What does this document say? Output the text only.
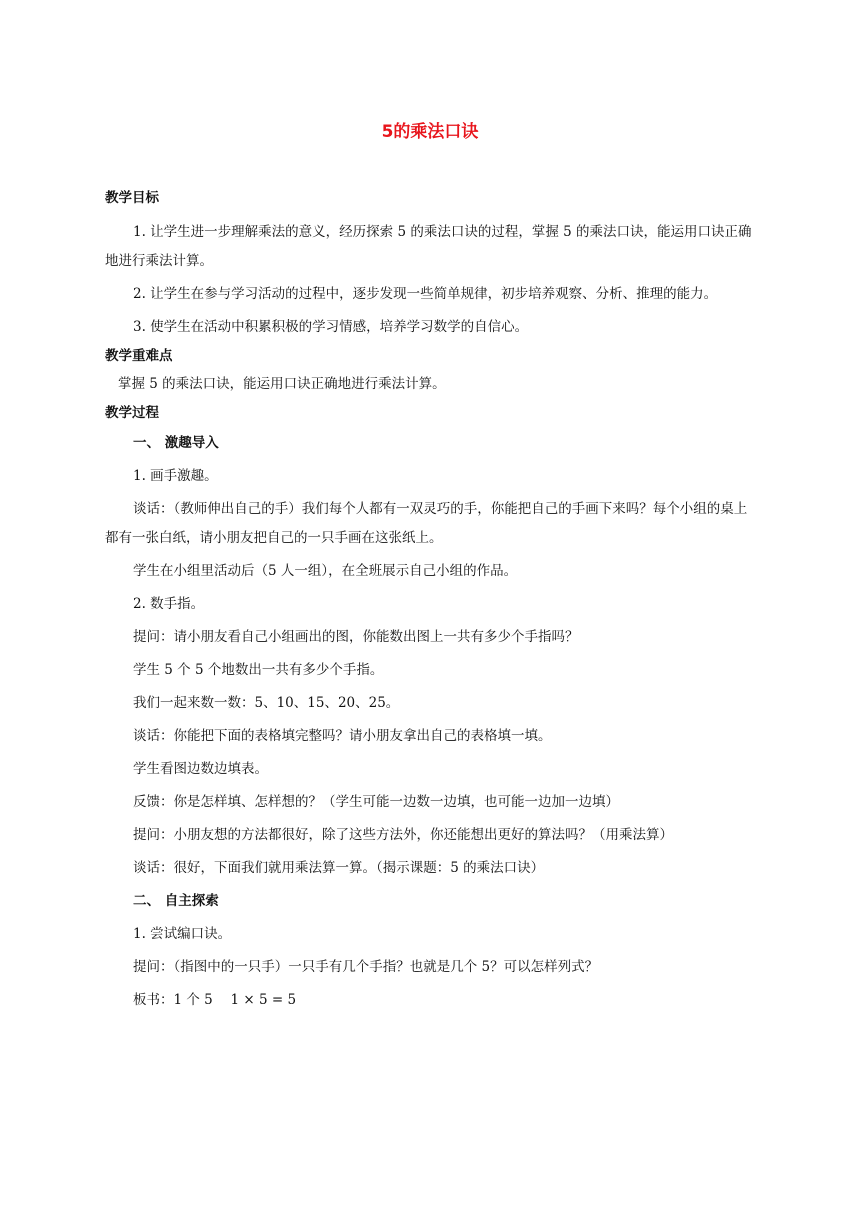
5的乘法口诀
教学目标

1. 让学生进一步理解乘法的意义，经历探索 5 的乘法口诀的过程，掌握 5 的乘法口诀，能运用口诀正确地进行乘法计算。

2. 让学生在参与学习活动的过程中，逐步发现一些简单规律，初步培养观察、分析、推理的能力。

3. 使学生在活动中积累积极的学习情感，培养学习数学的自信心。

教学重难点

掌握 5 的乘法口诀，能运用口诀正确地进行乘法计算。

教学过程

一、 激趣导入

1. 画手激趣。

谈话：（教师伸出自己的手）我们每个人都有一双灵巧的手，你能把自己的手画下来吗？每个小组的桌上都有一张白纸，请小朋友把自己的一只手画在这张纸上。

学生在小组里活动后（5 人一组），在全班展示自己小组的作品。

2. 数手指。

提问：请小朋友看自己小组画出的图，你能数出图上一共有多少个手指吗？

学生 5 个 5 个地数出一共有多少个手指。

我们一起来数一数：5、10、15、20、25。

谈话：你能把下面的表格填完整吗？请小朋友拿出自己的表格填一填。

学生看图边数边填表。

反馈：你是怎样填、怎样想的？（学生可能一边数一边填，也可能一边加一边填）

提问：小朋友想的方法都很好，除了这些方法外，你还能想出更好的算法吗？（用乘法算）

谈话：很好，下面我们就用乘法算一算。（揭示课题：5 的乘法口诀）

二、 自主探索

1. 尝试编口诀。

提问：（指图中的一只手）一只手有几个手指？也就是几个 5？可以怎样列式？

板书：1 个 5　 1 × 5 = 5
